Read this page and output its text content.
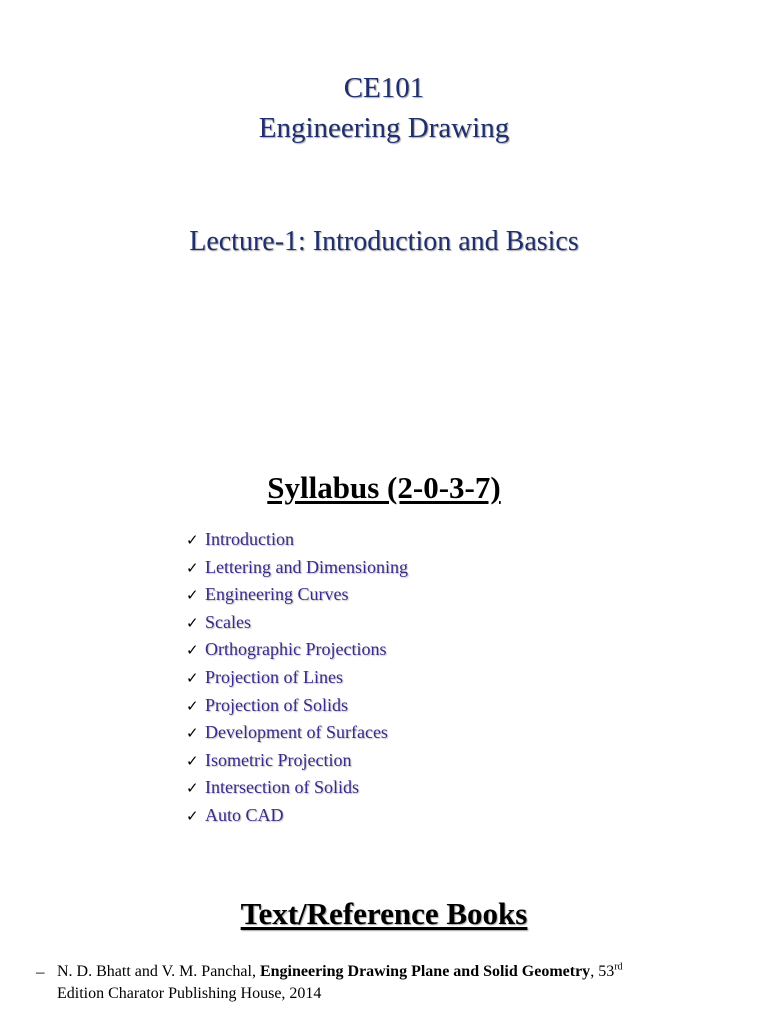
CE101
Engineering Drawing
Lecture-1: Introduction and Basics
Syllabus (2-0-3-7)
✓ Introduction
✓ Lettering and Dimensioning
✓ Engineering Curves
✓ Scales
✓ Orthographic Projections
✓ Projection of Lines
✓ Projection of Solids
✓ Development of Surfaces
✓ Isometric Projection
✓ Intersection of Solids
✓ Auto CAD
Text/Reference Books
– N. D. Bhatt and V. M. Panchal, Engineering Drawing Plane and Solid Geometry, 53rd
Edition Charator Publishing House, 2014
